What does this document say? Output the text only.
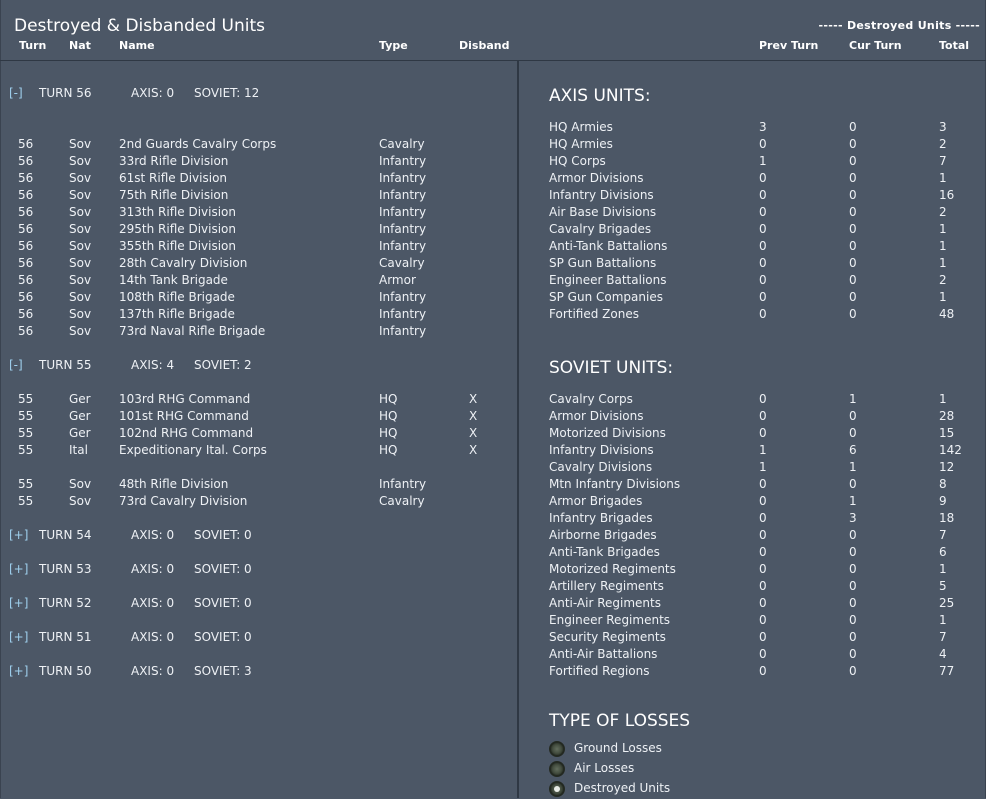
Destroyed & Disbanded Units	----- Destroyed Units -----
Turn Nat	Name	Type	Disband	Prev Turn	Cur Turn	Total
[-] TURN 56	AXIS: 0 SOVIET: 12
56	Sov 2nd Guards Cavalry Corps	Cavalry
56	Sov 33rd Rifle Division	Infantry
56	Sov 61st Rifle Division	Infantry
56	Sov 75th Rifle Division	Infantry
56	Sov 313th Rifle Division	Infantry
56	Sov 295th Rifle Division	Infantry
56	Sov 355th Rifle Division	Infantry
56	Sov 28th Cavalry Division	Cavalry
56	Sov 14th Tank Brigade	Armor
56	Sov 108th Rifle Brigade	Infantry
56	Sov 137th Rifle Brigade	Infantry
56	Sov 73rd Naval Rifle Brigade	Infantry
[-] TURN 55	AXIS: 4 SOVIET: 2
55	Ger 103rd RHG Command	HQ	X
55	Ger 101st RHG Command	HQ	X
55	Ger 102nd RHG Command	HQ	X
55	Ital	Expeditionary Ital. Corps	HQ	X
55	Sov 48th Rifle Division	Infantry
55	Sov 73rd Cavalry Division	Cavalry
[+] TURN 54	AXIS: 0 SOVIET: 0
[+] TURN 53	AXIS: 0 SOVIET: 0
[+] TURN 52	AXIS: 0 SOVIET: 0
[+] TURN 51	AXIS: 0 SOVIET: 0
[+] TURN 50	AXIS: 0 SOVIET: 3
AXIS UNITS:
HQ Armies	3	0	3
HQ Armies	0	0	2
HQ Corps	1	0	7
Armor Divisions	0	0	1
Infantry Divisions	0	0	16
Air Base Divisions	0	0	2
Cavalry Brigades	0	0	1
Anti-Tank Battalions	0	0	1
SP Gun Battalions	0	0	1
Engineer Battalions	0	0	2
SP Gun Companies	0	0	1
Fortified Zones	0	0	48
SOVIET UNITS:
Cavalry Corps	0	1	1
Armor Divisions	0	0	28
Motorized Divisions	0	0	15
Infantry Divisions	1	6	142
Cavalry Divisions	1	1	12
Mtn Infantry Divisions	0	0	8
Armor Brigades	0	1	9
Infantry Brigades	0	3	18
Airborne Brigades	0	0	7
Anti-Tank Brigades	0	0	6
Motorized Regiments	0	0	1
Artillery Regiments	0	0	5
Anti-Air Regiments	0	0	25
Engineer Regiments	0	0	1
Security Regiments	0	0	7
Anti-Air Battalions	0	0	4
Fortified Regions	0	0	77
TYPE OF LOSSES
Ground Losses
Air Losses
Destroyed Units
